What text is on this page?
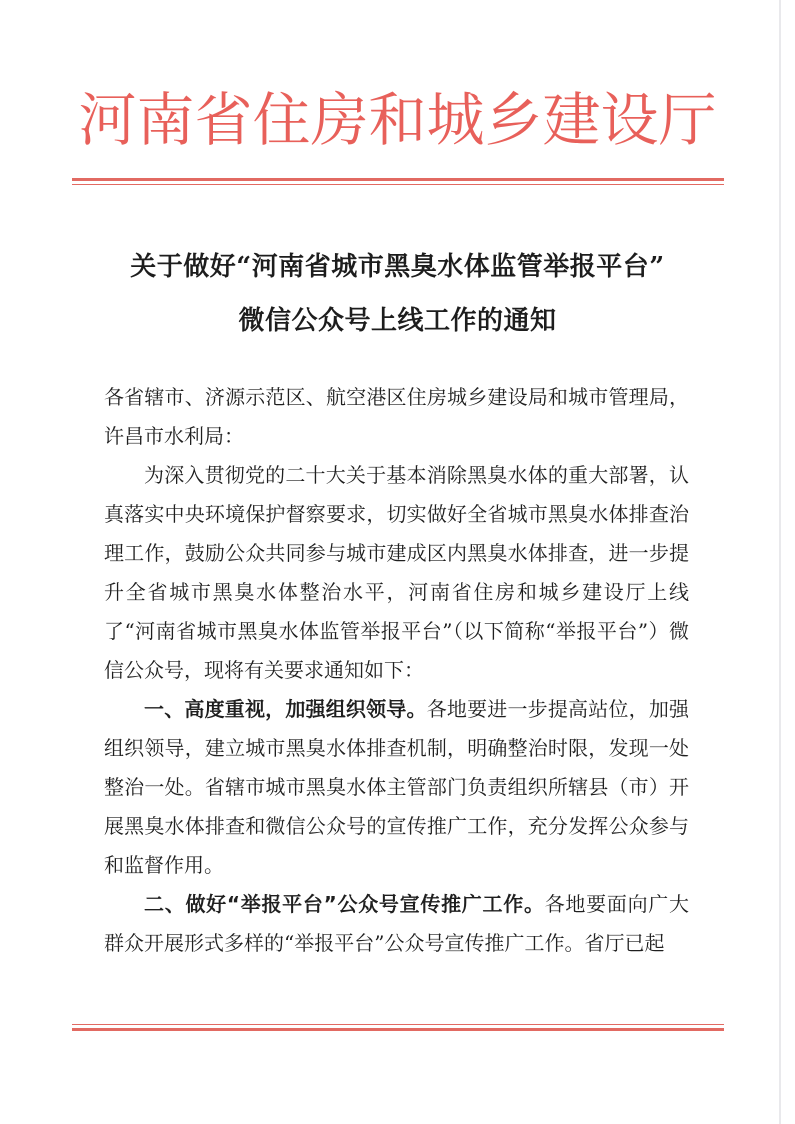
河南省住房和城乡建设厅
关于做好“河南省城市黑臭水体监管举报平台”
微信公众号上线工作的通知

各省辖市、济源示范区、航空港区住房城乡建设局和城市管理局，许昌市水利局：

为深入贯彻党的二十大关于基本消除黑臭水体的重大部署，认真落实中央环境保护督察要求，切实做好全省城市黑臭水体排查治理工作，鼓励公众共同参与城市建成区内黑臭水体排查，进一步提升全省城市黑臭水体整治水平，河南省住房和城乡建设厅上线了“河南省城市黑臭水体监管举报平台”（以下简称“举报平台”）微信公众号，现将有关要求通知如下：

一、高度重视，加强组织领导。各地要进一步提高站位，加强组织领导，建立城市黑臭水体排查机制，明确整治时限，发现一处整治一处。省辖市城市黑臭水体主管部门负责组织所辖县（市）开展黑臭水体排查和微信公众号的宣传推广工作，充分发挥公众参与和监督作用。

二、做好“举报平台”公众号宣传推广工作。各地要面向广大群众开展形式多样的“举报平台”公众号宣传推广工作。省厅已起
